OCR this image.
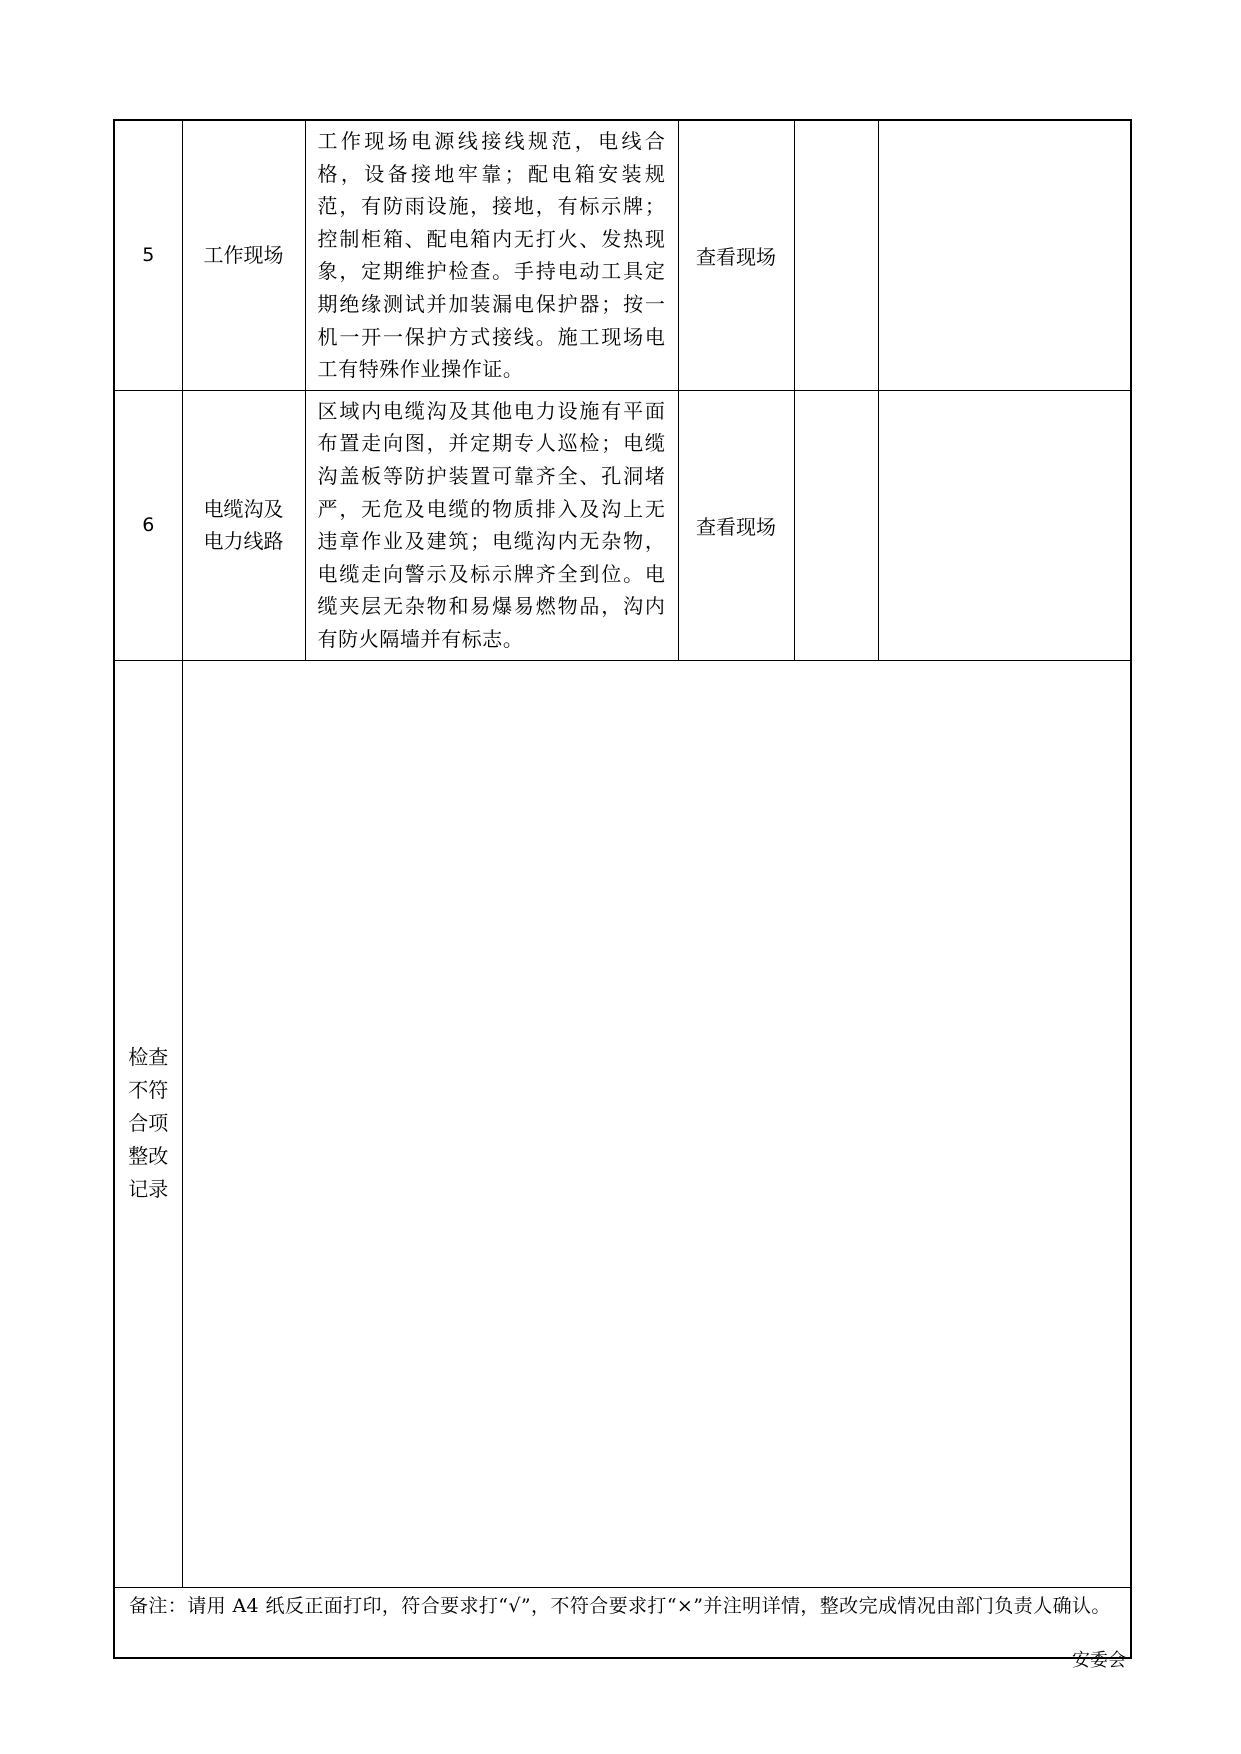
5	工作现场	工作现场电源线接线规范，电线合格，设备接地牢靠；配电箱安装规范，有防雨设施，接地，有标示牌；控制柜箱、配电箱内无打火、发热现象，定期维护检查。手持电动工具定期绝缘测试并加装漏电保护器；按一机一开一保护方式接线。施工现场电工有特殊作业操作证。	查看现场		
6	电缆沟及
电力线路	区域内电缆沟及其他电力设施有平面布置走向图，并定期专人巡检；电缆沟盖板等防护装置可靠齐全、孔洞堵严，无危及电缆的物质排入及沟上无违章作业及建筑；电缆沟内无杂物，电缆走向警示及标示牌齐全到位。电缆夹层无杂物和易爆易燃物品，沟内有防火隔墙并有标志。	查看现场		

检查
不符
合项
整改
记录					

备注：请用 A4 纸反正面打印，符合要求打“√”，不符合要求打“×”并注明详情，整改完成情况由部门负责人确认。					
安委会
